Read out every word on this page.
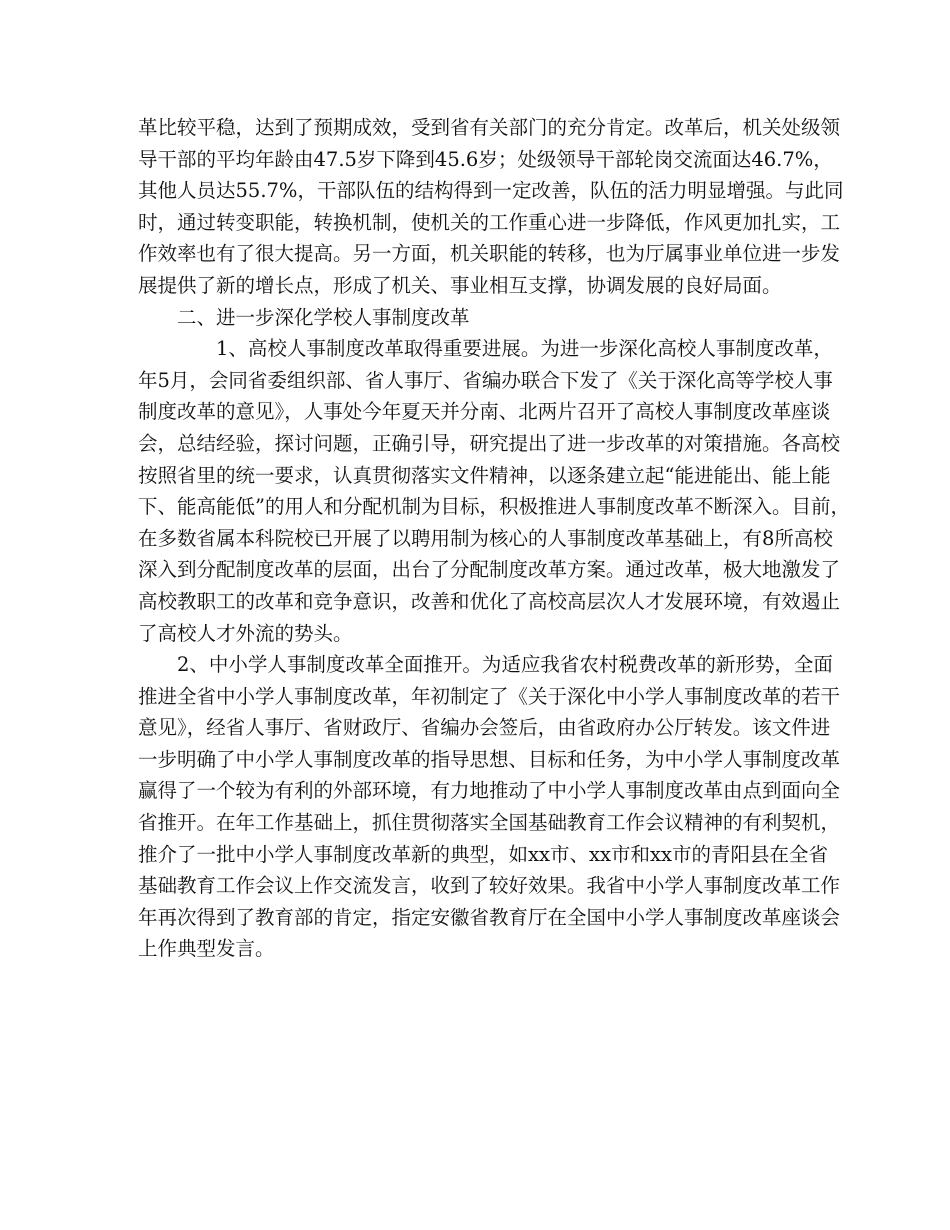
革比较平稳，达到了预期成效，受到省有关部门的充分肯定。改革后，机关处级领
导干部的平均年龄由47.5岁下降到45.6岁；处级领导干部轮岗交流面达46.7%，
其他人员达55.7%，干部队伍的结构得到一定改善，队伍的活力明显增强。与此同
时，通过转变职能，转换机制，使机关的工作重心进一步降低，作风更加扎实，工
作效率也有了很大提高。另一方面，机关职能的转移，也为厅属事业单位进一步发
展提供了新的增长点，形成了机关、事业相互支撑，协调发展的良好局面。
二、进一步深化学校人事制度改革
1、高校人事制度改革取得重要进展。为进一步深化高校人事制度改革，
年5月，会同省委组织部、省人事厅、省编办联合下发了《关于深化高等学校人事
制度改革的意见》，人事处今年夏天并分南、北两片召开了高校人事制度改革座谈
会，总结经验，探讨问题，正确引导，研究提出了进一步改革的对策措施。各高校
按照省里的统一要求，认真贯彻落实文件精神，以逐条建立起“能进能出、能上能
下、能高能低”的用人和分配机制为目标，积极推进人事制度改革不断深入。目前，
在多数省属本科院校已开展了以聘用制为核心的人事制度改革基础上，有8所高校
深入到分配制度改革的层面，出台了分配制度改革方案。通过改革，极大地激发了
高校教职工的改革和竞争意识，改善和优化了高校高层次人才发展环境，有效遏止
了高校人才外流的势头。
2、中小学人事制度改革全面推开。为适应我省农村税费改革的新形势，全面
推进全省中小学人事制度改革，年初制定了《关于深化中小学人事制度改革的若干
意见》，经省人事厅、省财政厅、省编办会签后，由省政府办公厅转发。该文件进
一步明确了中小学人事制度改革的指导思想、目标和任务，为中小学人事制度改革
赢得了一个较为有利的外部环境，有力地推动了中小学人事制度改革由点到面向全
省推开。在年工作基础上，抓住贯彻落实全国基础教育工作会议精神的有利契机，
推介了一批中小学人事制度改革新的典型，如xx市、xx市和xx市的青阳县在全省
基础教育工作会议上作交流发言，收到了较好效果。我省中小学人事制度改革工作
年再次得到了教育部的肯定，指定安徽省教育厅在全国中小学人事制度改革座谈会
上作典型发言。
